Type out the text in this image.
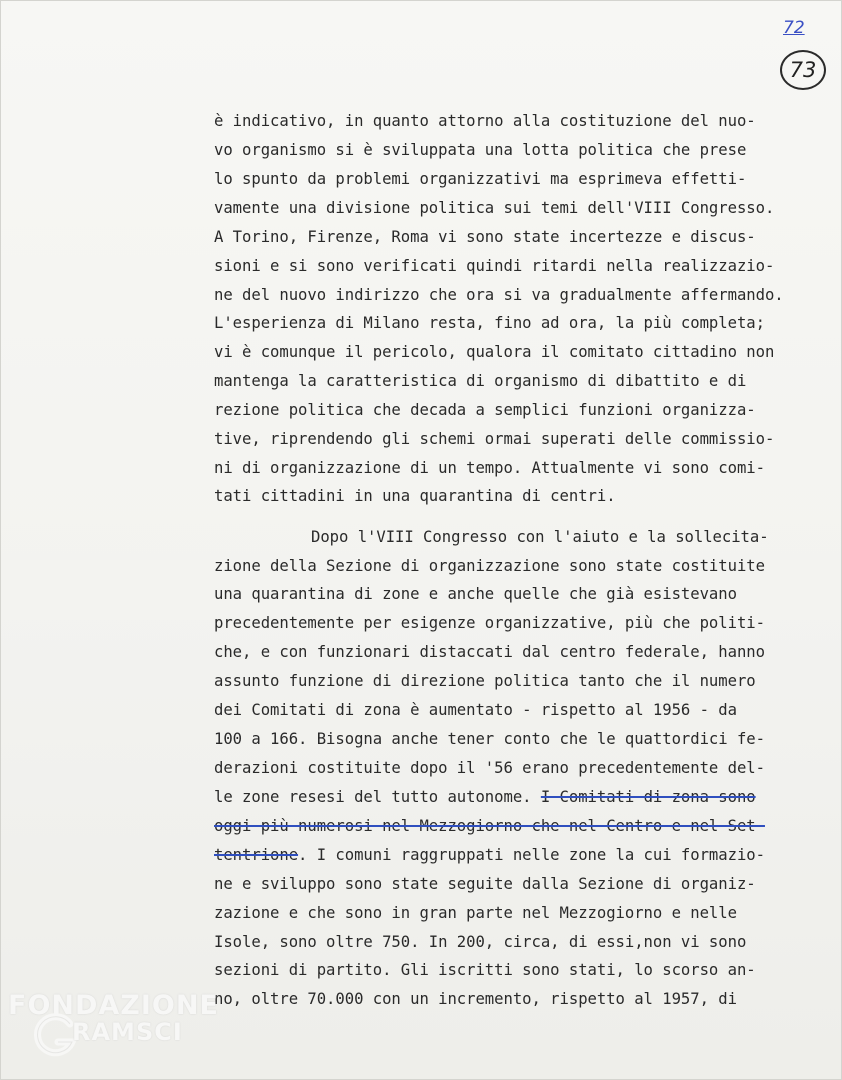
72
73
è indicativo, in quanto attorno alla costituzione del nuo-
vo organismo si è sviluppata una lotta politica che prese
lo spunto da problemi organizzativi ma esprimeva effetti-
vamente una divisione politica sui temi dell'VIII Congresso.
A Torino, Firenze, Roma vi sono state incertezze e discus-
sioni e si sono verificati quindi ritardi nella realizzazio-
ne del nuovo indirizzo che ora si va gradualmente affermando.
L'esperienza di Milano resta, fino ad ora, la più completa;
vi è comunque il pericolo, qualora il comitato cittadino non
mantenga la caratteristica di organismo di dibattito e di
rezione politica che decada a semplici funzioni organizza-
tive, riprendendo gli schemi ormai superati delle commissio-
ni di organizzazione di un tempo. Attualmente vi sono comi-
tati cittadini in una quarantina di centri.
Dopo l'VIII Congresso con l'aiuto e la sollecita-
zione della Sezione di organizzazione sono state costituite
una quarantina di zone e anche quelle che già esistevano
precedentemente per esigenze organizzative, più che politi-
che, e con funzionari distaccati dal centro federale, hanno
assunto funzione di direzione politica tanto che il numero
dei Comitati di zona è aumentato - rispetto al 1956 - da
100 a 166. Bisogna anche tener conto che le quattordici fe-
derazioni costituite dopo il '56 erano precedentemente del-
le zone resesi del tutto autonome. I Comitati di zona sono
oggi più numerosi nel Mezzogiorno che nel Centro e nel Set-
tentrione. I comuni raggruppati nelle zone la cui formazio-
ne e sviluppo sono state seguite dalla Sezione di organiz-
zazione e che sono in gran parte nel Mezzogiorno e nelle
Isole, sono oltre 750. In 200, circa, di essi,non vi sono
sezioni di partito. Gli iscritti sono stati, lo scorso an-
no, oltre 70.000 con un incremento, rispetto al 1957, di
FONDAZIONE
RAMSCI
